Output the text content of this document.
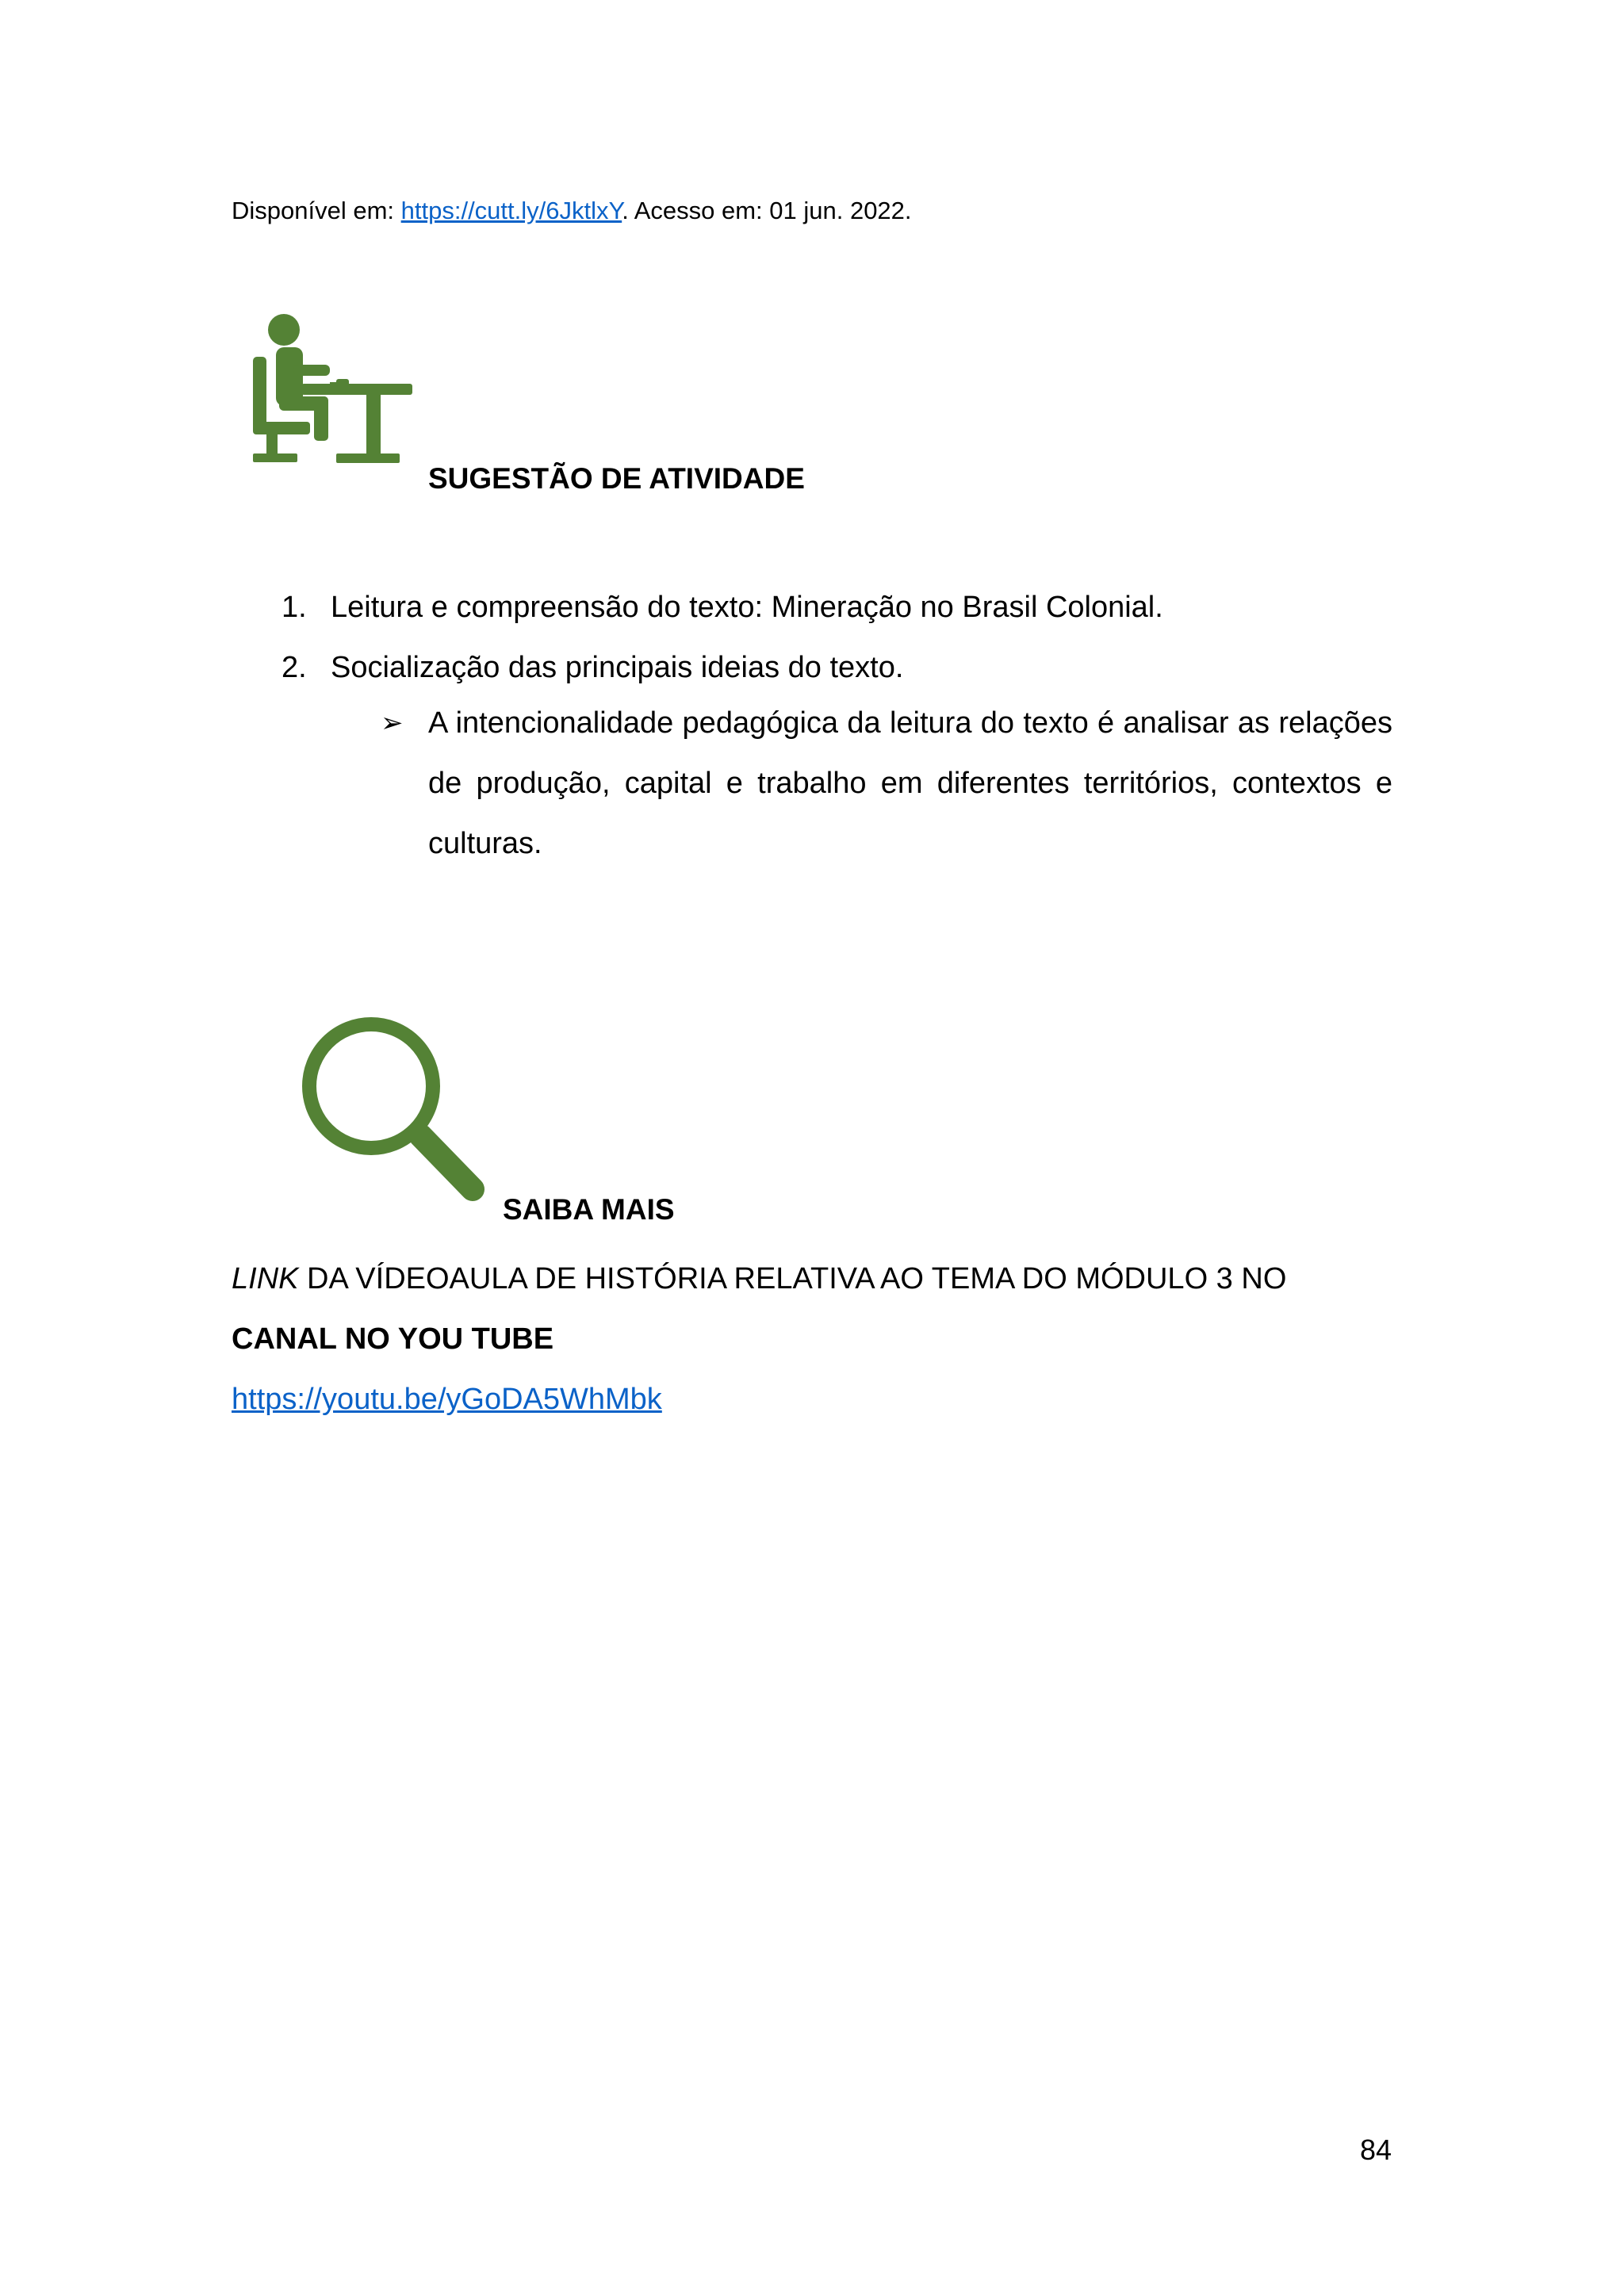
Disponível em: https://cutt.ly/6JktlxY. Acesso em: 01 jun. 2022.
SUGESTÃO DE ATIVIDADE
1. Leitura e compreensão do texto: Mineração no Brasil Colonial.
2. Socialização das principais ideias do texto.
➢ A intencionalidade pedagógica da leitura do texto é analisar as relações de produção, capital e trabalho em diferentes territórios, contextos e culturas.
SAIBA MAIS
LINK DA VÍDEOAULA DE HISTÓRIA RELATIVA AO TEMA DO MÓDULO 3 NO
CANAL NO YOU TUBE
https://youtu.be/yGoDA5WhMbk
84
